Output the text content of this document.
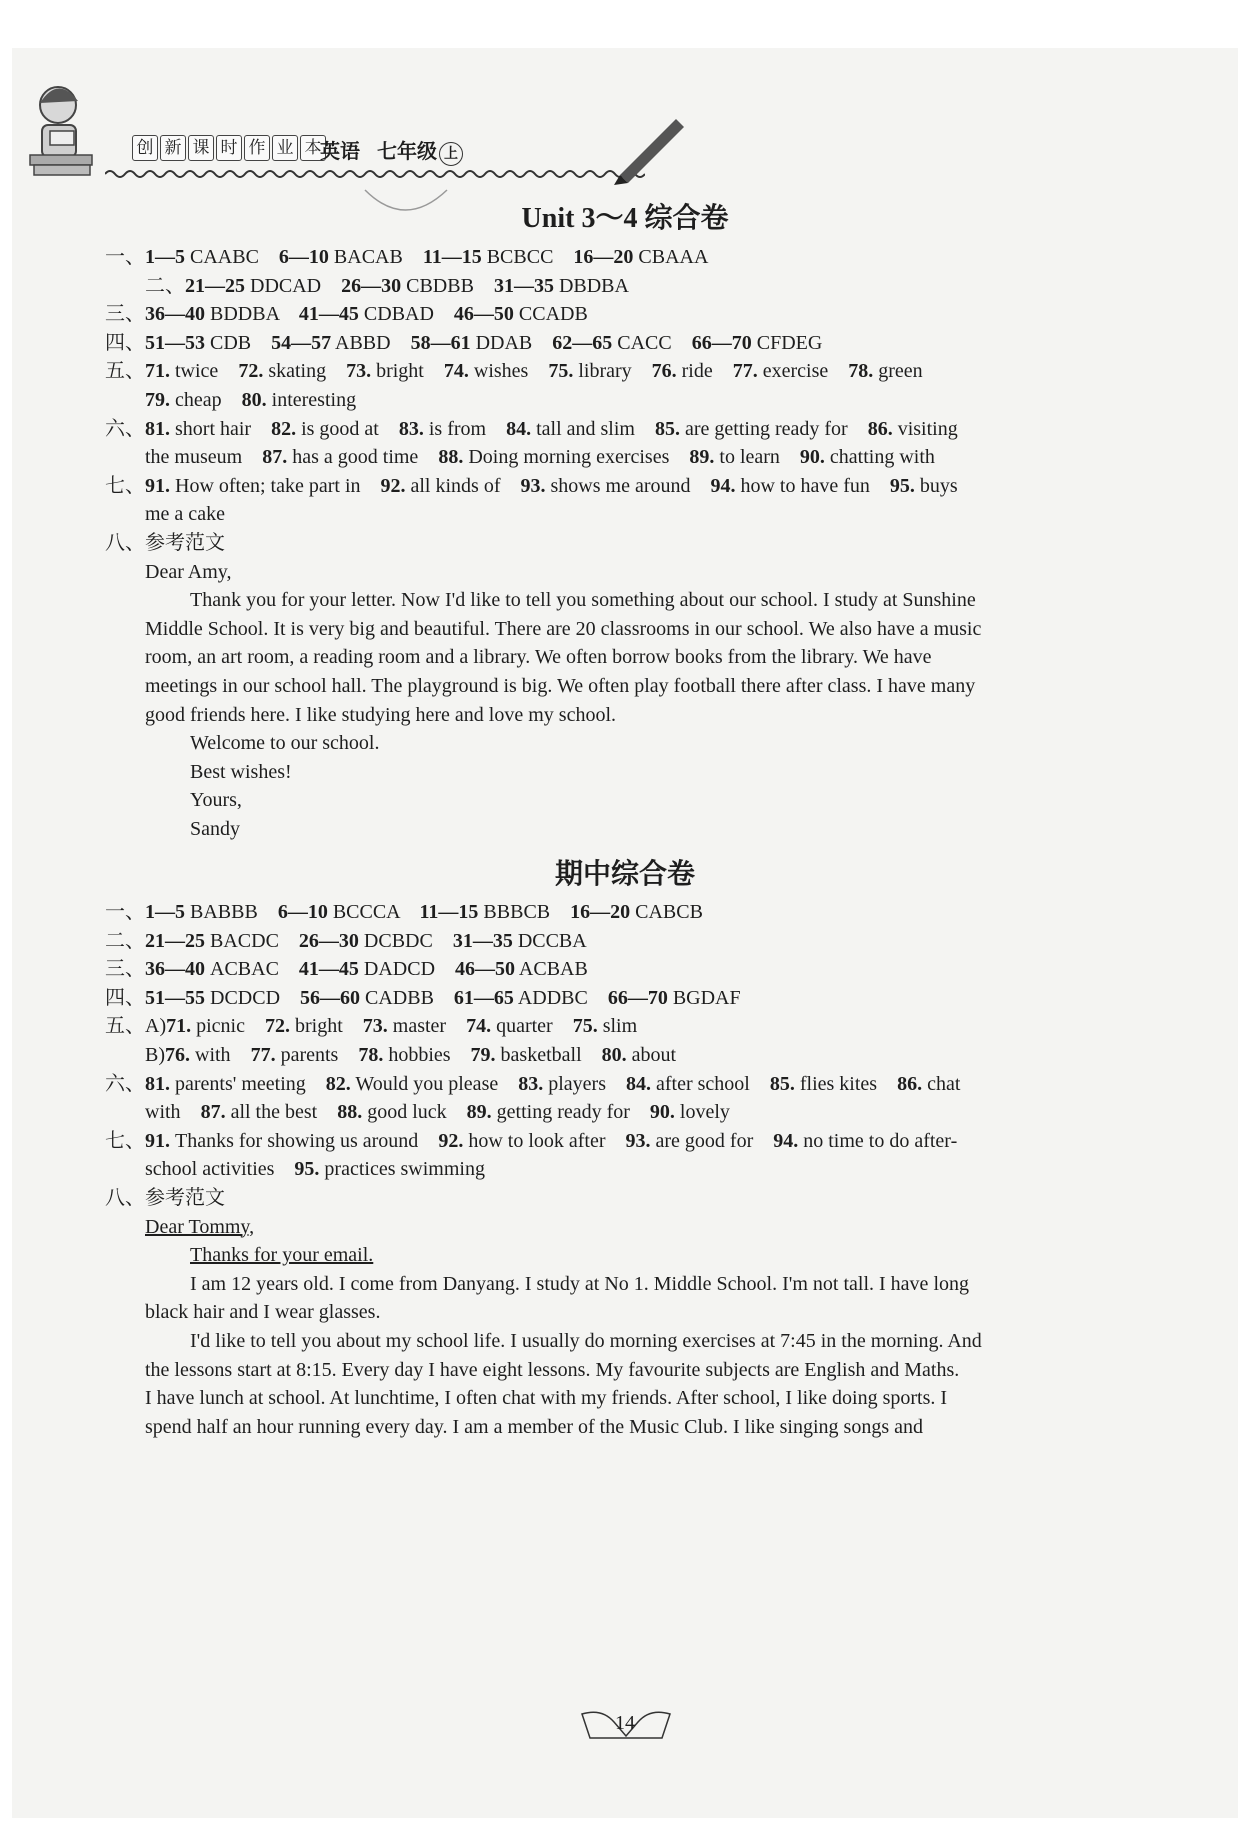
创 新 课 时 作 业 本
英语 七年级 上
Unit 3～4 综合卷
一、1—5 CAABC　6—10 BACAB　11—15 BCBCC　16—20 CBAAA
二、21—25 DDCAD　26—30 CBDBB　31—35 DBDBA
三、36—40 BDDBA　41—45 CDBAD　46—50 CCADB
四、51—53 CDB　54—57 ABBD　58—61 DDAB　62—65 CACC　66—70 CFDEG
五、71. twice　72. skating　73. bright　74. wishes　75. library　76. ride　77. exercise　78. green
79. cheap　80. interesting
六、81. short hair　82. is good at　83. is from　84. tall and slim　85. are getting ready for　86. visiting
the museum　87. has a good time　88. Doing morning exercises　89. to learn　90. chatting with
七、91. How often; take part in　92. all kinds of　93. shows me around　94. how to have fun　95. buys
me a cake
八、参考范文
Dear Amy,
Thank you for your letter. Now I'd like to tell you something about our school. I study at Sunshine
Middle School. It is very big and beautiful. There are 20 classrooms in our school. We also have a music
room, an art room, a reading room and a library. We often borrow books from the library. We have
meetings in our school hall. The playground is big. We often play football there after class. I have many
good friends here. I like studying here and love my school.
Welcome to our school.
Best wishes!
Yours,
Sandy
期中综合卷
一、1—5 BABBB　6—10 BCCCA　11—15 BBBCB　16—20 CABCB
二、21—25 BACDC　26—30 DCBDC　31—35 DCCBA
三、36—40 ACBAC　41—45 DADCD　46—50 ACBAB
四、51—55 DCDCD　56—60 CADBB　61—65 ADDBC　66—70 BGDAF
五、A)71. picnic　72. bright　73. master　74. quarter　75. slim
B)76. with　77. parents　78. hobbies　79. basketball　80. about
六、81. parents' meeting　82. Would you please　83. players　84. after school　85. flies kites　86. chat
with　87. all the best　88. good luck　89. getting ready for　90. lovely
七、91. Thanks for showing us around　92. how to look after　93. are good for　94. no time to do after-
school activities　95. practices swimming
八、参考范文
Dear Tommy,
Thanks for your email.
I am 12 years old. I come from Danyang. I study at No 1. Middle School. I'm not tall. I have long
black hair and I wear glasses.
I'd like to tell you about my school life. I usually do morning exercises at 7:45 in the morning. And
the lessons start at 8:15. Every day I have eight lessons. My favourite subjects are English and Maths.
I have lunch at school. At lunchtime, I often chat with my friends. After school, I like doing sports. I
spend half an hour running every day. I am a member of the Music Club. I like singing songs and
14
